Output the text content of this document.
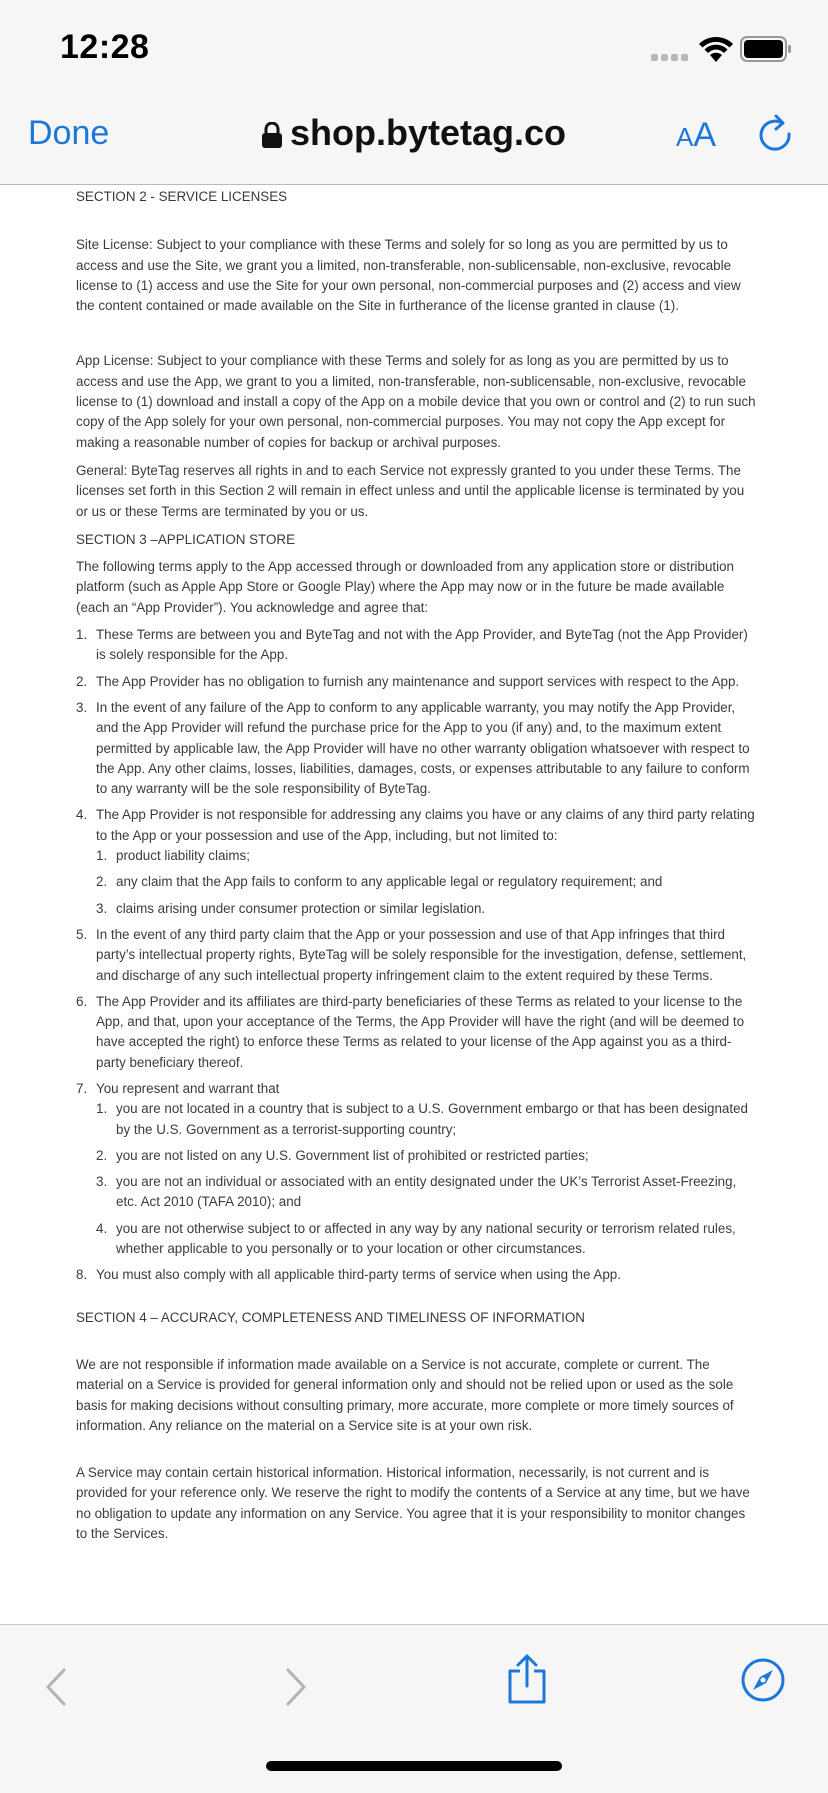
12:28
Done	shop.bytetag.co	AA

SECTION 2 - SERVICE LICENSES

Site License: Subject to your compliance with these Terms and solely for so long as you are permitted by us to access and use the Site, we grant you a limited, non-transferable, non-sublicensable, non-exclusive, revocable license to (1) access and use the Site for your own personal, non-commercial purposes and (2) access and view the content contained or made available on the Site in furtherance of the license granted in clause (1).

App License: Subject to your compliance with these Terms and solely for as long as you are permitted by us to access and use the App, we grant to you a limited, non-transferable, non-sublicensable, non-exclusive, revocable license to (1) download and install a copy of the App on a mobile device that you own or control and (2) to run such copy of the App solely for your own personal, non-commercial purposes. You may not copy the App except for making a reasonable number of copies for backup or archival purposes.

General: ByteTag reserves all rights in and to each Service not expressly granted to you under these Terms. The licenses set forth in this Section 2 will remain in effect unless and until the applicable license is terminated by you or us or these Terms are terminated by you or us.

SECTION 3 –APPLICATION STORE

The following terms apply to the App accessed through or downloaded from any application store or distribution platform (such as Apple App Store or Google Play) where the App may now or in the future be made available (each an “App Provider”). You acknowledge and agree that:

1. These Terms are between you and ByteTag and not with the App Provider, and ByteTag (not the App Provider) is solely responsible for the App.
2. The App Provider has no obligation to furnish any maintenance and support services with respect to the App.
3. In the event of any failure of the App to conform to any applicable warranty, you may notify the App Provider, and the App Provider will refund the purchase price for the App to you (if any) and, to the maximum extent permitted by applicable law, the App Provider will have no other warranty obligation whatsoever with respect to the App. Any other claims, losses, liabilities, damages, costs, or expenses attributable to any failure to conform to any warranty will be the sole responsibility of ByteTag.
4. The App Provider is not responsible for addressing any claims you have or any claims of any third party relating to the App or your possession and use of the App, including, but not limited to:
1. product liability claims;
2. any claim that the App fails to conform to any applicable legal or regulatory requirement; and
3. claims arising under consumer protection or similar legislation.
5. In the event of any third party claim that the App or your possession and use of that App infringes that third party’s intellectual property rights, ByteTag will be solely responsible for the investigation, defense, settlement, and discharge of any such intellectual property infringement claim to the extent required by these Terms.
6. The App Provider and its affiliates are third-party beneficiaries of these Terms as related to your license to the App, and that, upon your acceptance of the Terms, the App Provider will have the right (and will be deemed to have accepted the right) to enforce these Terms as related to your license of the App against you as a third-party beneficiary thereof.
7. You represent and warrant that
1. you are not located in a country that is subject to a U.S. Government embargo or that has been designated by the U.S. Government as a terrorist-supporting country;
2. you are not listed on any U.S. Government list of prohibited or restricted parties;
3. you are not an individual or associated with an entity designated under the UK’s Terrorist Asset-Freezing, etc. Act 2010 (TAFA 2010); and
4. you are not otherwise subject to or affected in any way by any national security or terrorism related rules, whether applicable to you personally or to your location or other circumstances.
8. You must also comply with all applicable third-party terms of service when using the App.

SECTION 4 – ACCURACY, COMPLETENESS AND TIMELINESS OF INFORMATION

We are not responsible if information made available on a Service is not accurate, complete or current. The material on a Service is provided for general information only and should not be relied upon or used as the sole basis for making decisions without consulting primary, more accurate, more complete or more timely sources of information. Any reliance on the material on a Service site is at your own risk.

A Service may contain certain historical information. Historical information, necessarily, is not current and is provided for your reference only. We reserve the right to modify the contents of a Service at any time, but we have no obligation to update any information on any Service. You agree that it is your responsibility to monitor changes to the Services.
